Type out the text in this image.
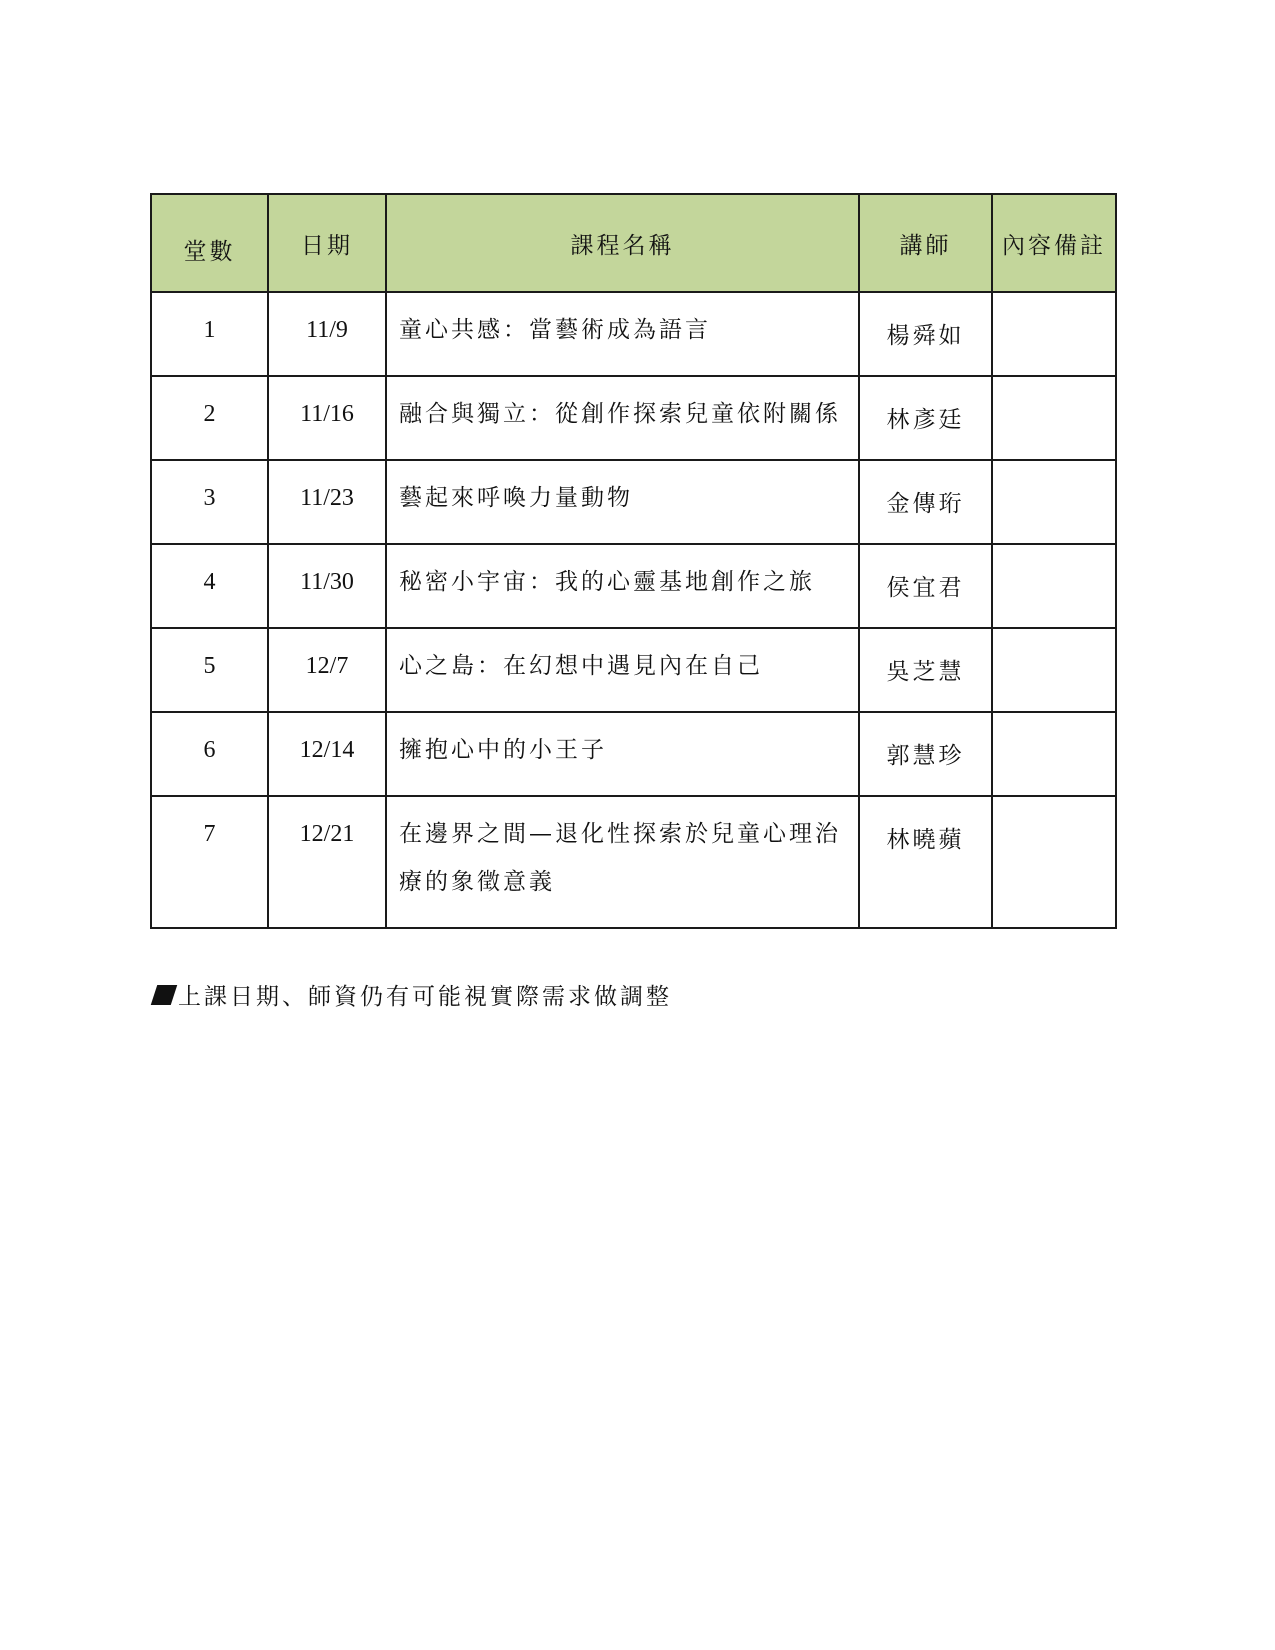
堂數	日期	課程名稱	講師	內容備註
1	11/9	童心共感：當藝術成為語言	楊舜如	
2	11/16	融合與獨立：從創作探索兒童依附關係	林彥廷	
3	11/23	藝起來呼喚力量動物	金傳珩	
4	11/30	秘密小宇宙：我的心靈基地創作之旅	侯宜君	
5	12/7	心之島：在幻想中遇見內在自己	吳芝慧	
6	12/14	擁抱心中的小王子	郭慧珍	
7	12/21	在邊界之間—退化性探索於兒童心理治療的象徵意義	林曉蘋	
上課日期、師資仍有可能視實際需求做調整
